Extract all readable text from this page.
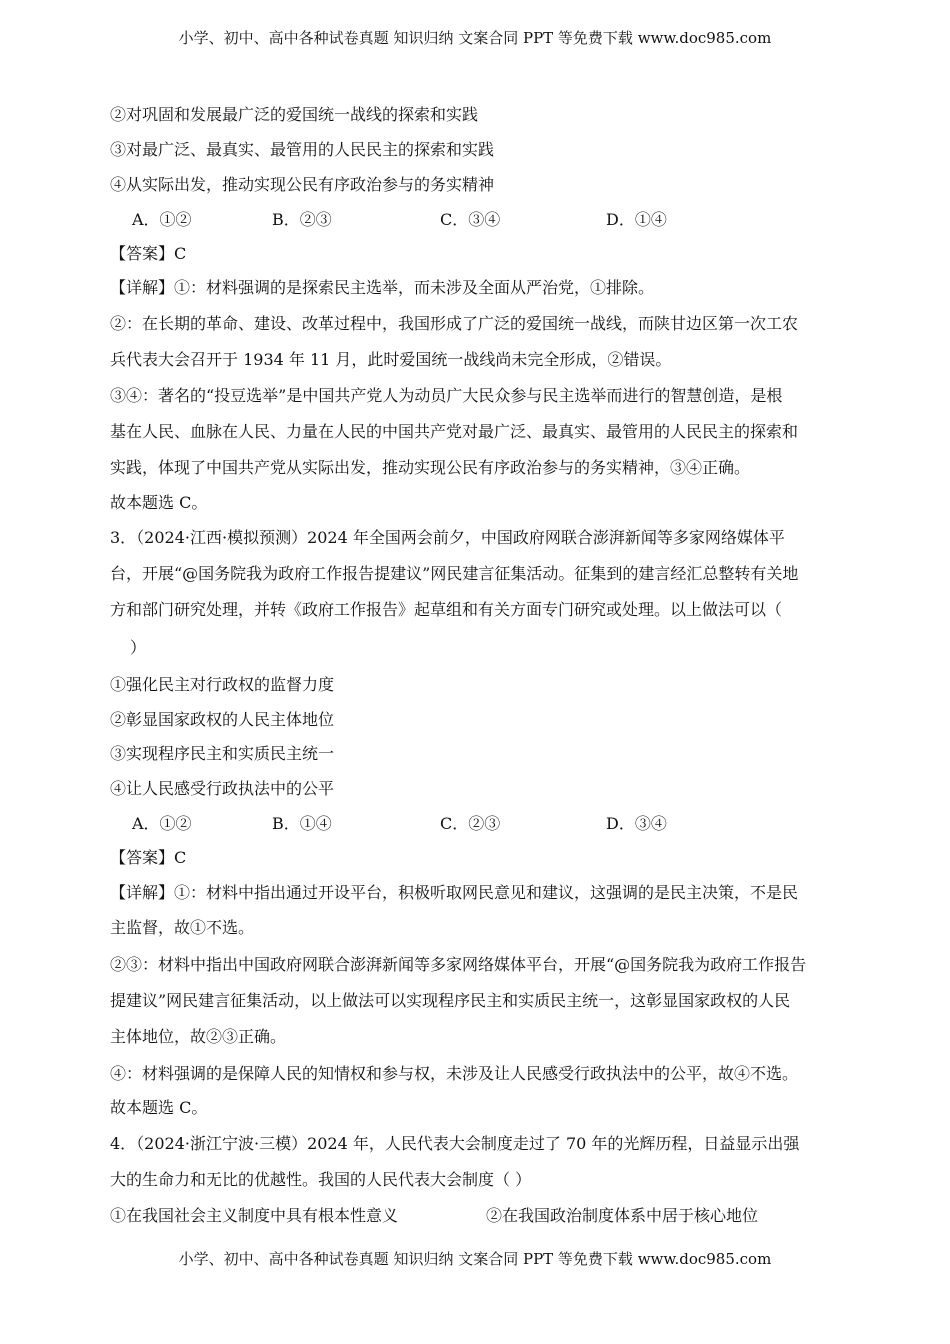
小学、初中、高中各种试卷真题 知识归纳 文案合同 PPT 等免费下载 www.doc985.com
②对巩固和发展最广泛的爱国统一战线的探索和实践
③对最广泛、最真实、最管用的人民民主的探索和实践
④从实际出发，推动实现公民有序政治参与的务实精神
A．①②	B．②③	C．③④	D．①④
【答案】C
【详解】①：材料强调的是探索民主选举，而未涉及全面从严治党，①排除。
②：在长期的革命、建设、改革过程中，我国形成了广泛的爱国统一战线，而陕甘边区第一次工农
兵代表大会召开于 1934 年 11 月，此时爱国统一战线尚未完全形成，②错误。
③④：著名的“投豆选举”是中国共产党人为动员广大民众参与民主选举而进行的智慧创造，是根
基在人民、血脉在人民、力量在人民的中国共产党对最广泛、最真实、最管用的人民民主的探索和
实践，体现了中国共产党从实际出发，推动实现公民有序政治参与的务实精神，③④正确。
故本题选 C。
3．（2024·江西·模拟预测）2024 年全国两会前夕，中国政府网联合澎湃新闻等多家网络媒体平
台，开展“@国务院我为政府工作报告提建议”网民建言征集活动。征集到的建言经汇总整转有关地
方和部门研究处理，并转《政府工作报告》起草组和有关方面专门研究或处理。以上做法可以（
）
①强化民主对行政权的监督力度
②彰显国家政权的人民主体地位
③实现程序民主和实质民主统一
④让人民感受行政执法中的公平
A．①②	B．①④	C．②③	D．③④
【答案】C
【详解】①：材料中指出通过开设平台，积极听取网民意见和建议，这强调的是民主决策，不是民
主监督，故①不选。
②③：材料中指出中国政府网联合澎湃新闻等多家网络媒体平台，开展“@国务院我为政府工作报告
提建议”网民建言征集活动，以上做法可以实现程序民主和实质民主统一，这彰显国家政权的人民
主体地位，故②③正确。
④：材料强调的是保障人民的知情权和参与权，未涉及让人民感受行政执法中的公平，故④不选。
故本题选 C。
4．（2024·浙江宁波·三模）2024 年，人民代表大会制度走过了 70 年的光辉历程，日益显示出强
大的生命力和无比的优越性。我国的人民代表大会制度（ ）
①在我国社会主义制度中具有根本性意义	②在我国政治制度体系中居于核心地位
小学、初中、高中各种试卷真题 知识归纳 文案合同 PPT 等免费下载 www.doc985.com
